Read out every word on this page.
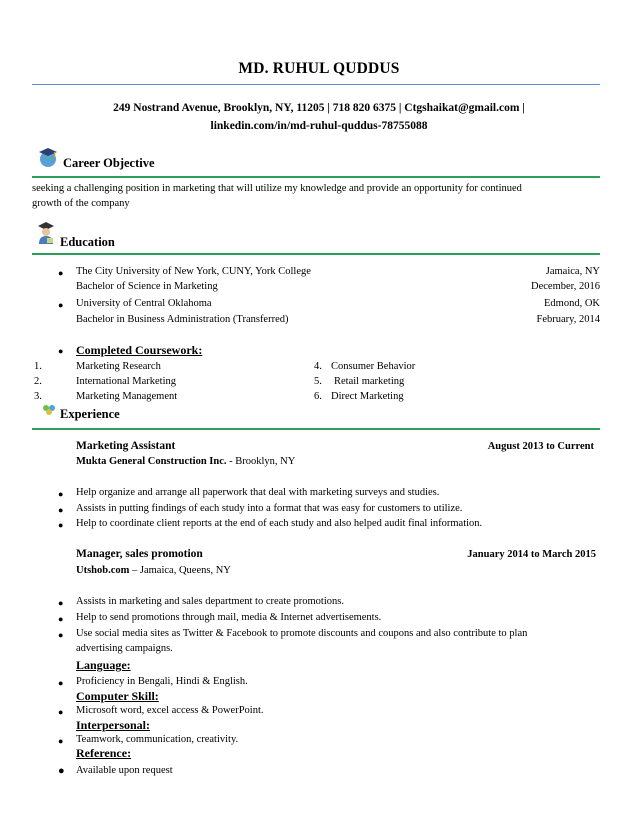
MD. RUHUL QUDDUS
249 Nostrand Avenue, Brooklyn, NY, 11205 | 718 820 6375 | Ctgshaikat@gmail.com |
linkedin.com/in/md-ruhul-quddus-78755088
Career Objective
seeking a challenging position in marketing that will utilize my knowledge and provide an opportunity for continued
growth of the company
Education
● The City University of New York, CUNY, York College	Jamaica, NY
Bachelor of Science in Marketing	December, 2016
● University of Central Oklahoma	Edmond, OK
Bachelor in Business Administration (Transferred)	February, 2014
● Completed Coursework:
1.	Marketing Research
2.	International Marketing
3.	Marketing Management
4. Consumer Behavior
5. Retail marketing
6. Direct Marketing
Experience
Marketing Assistant	August 2013 to Current
Mukta General Construction Inc. - Brooklyn, NY
● Help organize and arrange all paperwork that deal with marketing surveys and studies.
● Assists in putting findings of each study into a format that was easy for customers to utilize.
● Help to coordinate client reports at the end of each study and also helped audit final information.
Manager, sales promotion	January 2014 to March 2015
Utshob.com – Jamaica, Queens, NY
● Assists in marketing and sales department to create promotions.
● Help to send promotions through mail, media & Internet advertisements.
● Use social media sites as Twitter & Facebook to promote discounts and coupons and also contribute to plan
advertising campaigns.
Language:
● Proficiency in Bengali, Hindi & English.
Computer Skill:
● Microsoft word, excel access & PowerPoint.
Interpersonal:
● Teamwork, communication, creativity.
Reference:
● Available upon request
